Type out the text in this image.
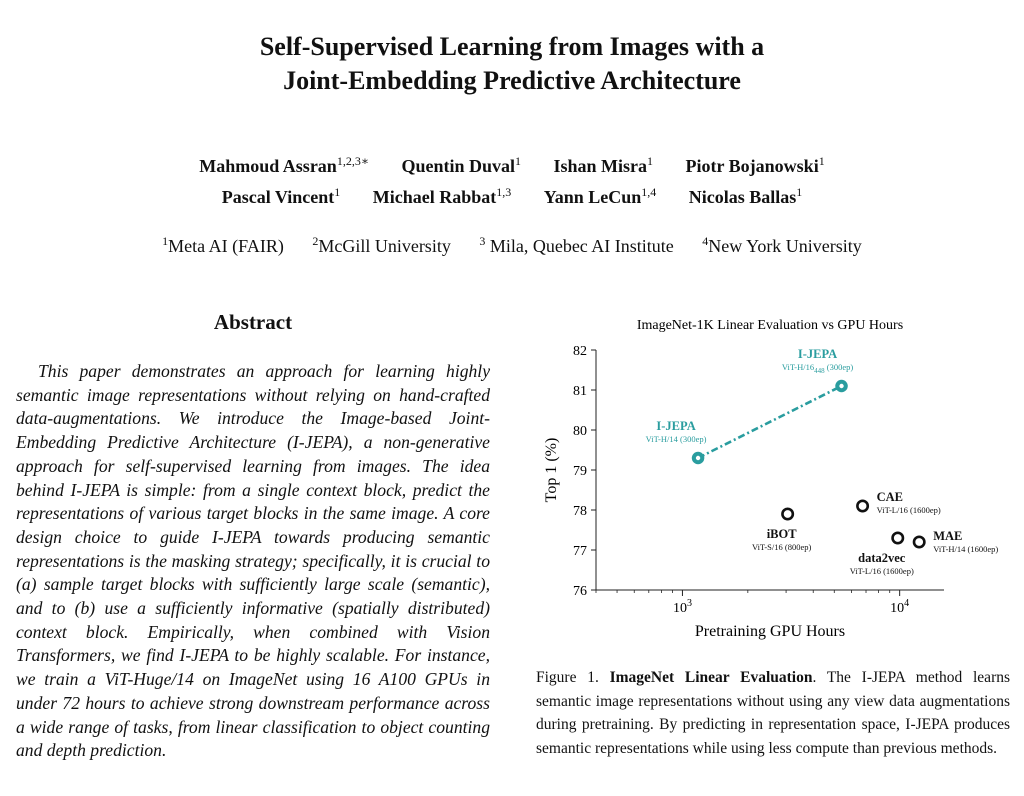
Self-Supervised Learning from Images with a
Joint-Embedding Predictive Architecture
Mahmoud Assran$^{1,2,3∗}$ Quentin Duval$^1$ Ishan Misra$^1$ Piotr Bojanowski$^1$
Pascal Vincent$^1$ Michael Rabbat$^{1,3}$ Yann LeCun$^{1,4}$ Nicolas Ballas$^1$
$^1$Meta AI (FAIR) $^2$McGill University $^3$ Mila, Quebec AI Institute $^4$New York University
Abstract

This paper demonstrates an approach for learning highly semantic image representations without relying on hand-crafted data-augmentations. We introduce the Image-based Joint-Embedding Predictive Architecture (I-JEPA), a non-generative approach for self-supervised learning from images. The idea behind I-JEPA is simple: from a single context block, predict the representations of various target blocks in the same image. A core design choice to guide I-JEPA towards producing semantic representations is the masking strategy; specifically, it is crucial to (a) sample target blocks with sufficiently large scale (semantic), and to (b) use a sufficiently informative (spatially distributed) context block. Empirically, when combined with Vision Transformers, we find I-JEPA to be highly scalable. For instance, we train a ViT-Huge/14 on ImageNet using 16 A100 GPUs in under 72 hours to achieve strong downstream performance across a wide range of tasks, from linear classification to object counting and depth prediction.

ImageNet-1K Linear Evaluation vs GPU Hours
76
77
78
79
80
81
82
$10^3$	$10^4$
Pretraining GPU Hours
Top 1 (%)
I-JEPA
ViT-H/14 (300ep)
I-JEPA
ViT-$H/16_{448}$ (300ep)
iBOT
ViT-S/16 (800ep)
CAE
ViT-L/16 (1600ep)
data2vec
ViT-L/16 (1600ep)
MAE
ViT-H/14 (1600ep)

Figure 1. ImageNet Linear Evaluation. The I-JEPA method learns semantic image representations without using any view data augmentations during pretraining. By predicting in representation space, I-JEPA produces semantic representations while using less compute than previous methods.
